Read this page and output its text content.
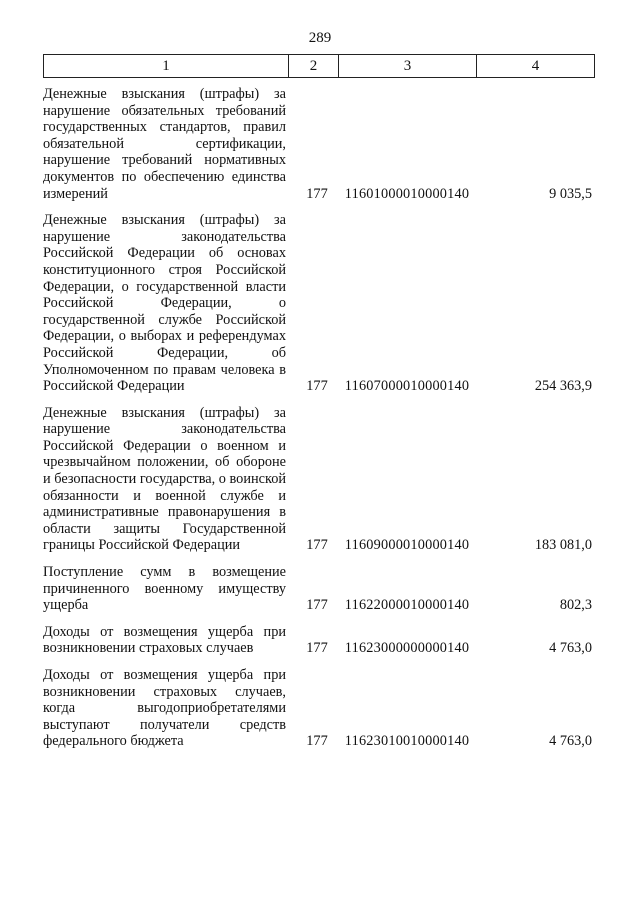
289
1	2	3	4
Денежные взыскания (штрафы) за нарушение обязательных требований государственных стандартов, правил обязательной сертификации, нарушение требований нормативных документов по обеспечению единства измерений	177	11601000010000140	9 035,5
Денежные взыскания (штрафы) за нарушение законодательства Российской Федерации об основах конституционного строя Российской Федерации, о государственной власти Российской Федерации, о государственной службе Российской Федерации, о выборах и референдумах Российской Федерации, об Уполномоченном по правам человека в Российской Федерации	177	11607000010000140	254 363,9
Денежные взыскания (штрафы) за нарушение законодательства Российской Федерации о военном и чрезвычайном положении, об обороне и безопасности государства, о воинской обязанности и военной службе и административные правонарушения в области защиты Государственной границы Российской Федерации	177	11609000010000140	183 081,0
Поступление сумм в возмещение причиненного военному имуществу ущерба	177	11622000010000140	802,3
Доходы от возмещения ущерба при возникновении страховых случаев	177	11623000000000140	4 763,0
Доходы от возмещения ущерба при возникновении страховых случаев, когда выгодоприобретателями выступают получатели средств федерального бюджета	177	11623010010000140	4 763,0
